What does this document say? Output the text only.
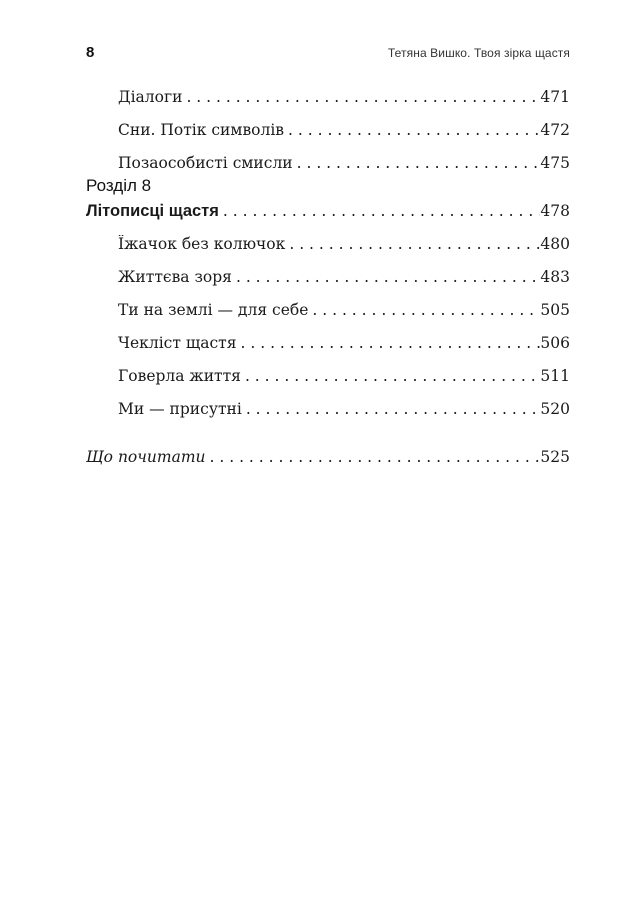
8	Тетяна Вишко. Твоя зірка щастя
Діалоги . . .	471
Сни. Потік символів . . .	472
Позаособисті смисли . . .	475
Розділ 8
Літописці щастя . . .	478
Їжачок без колючок . . .	480
Життєва зоря . . .	483
Ти на землі — для себе . . .	505
Чекліст щастя . . .	506
Говерла життя . . .	511
Ми — присутні . . .	520
Що почитати . . .	525
